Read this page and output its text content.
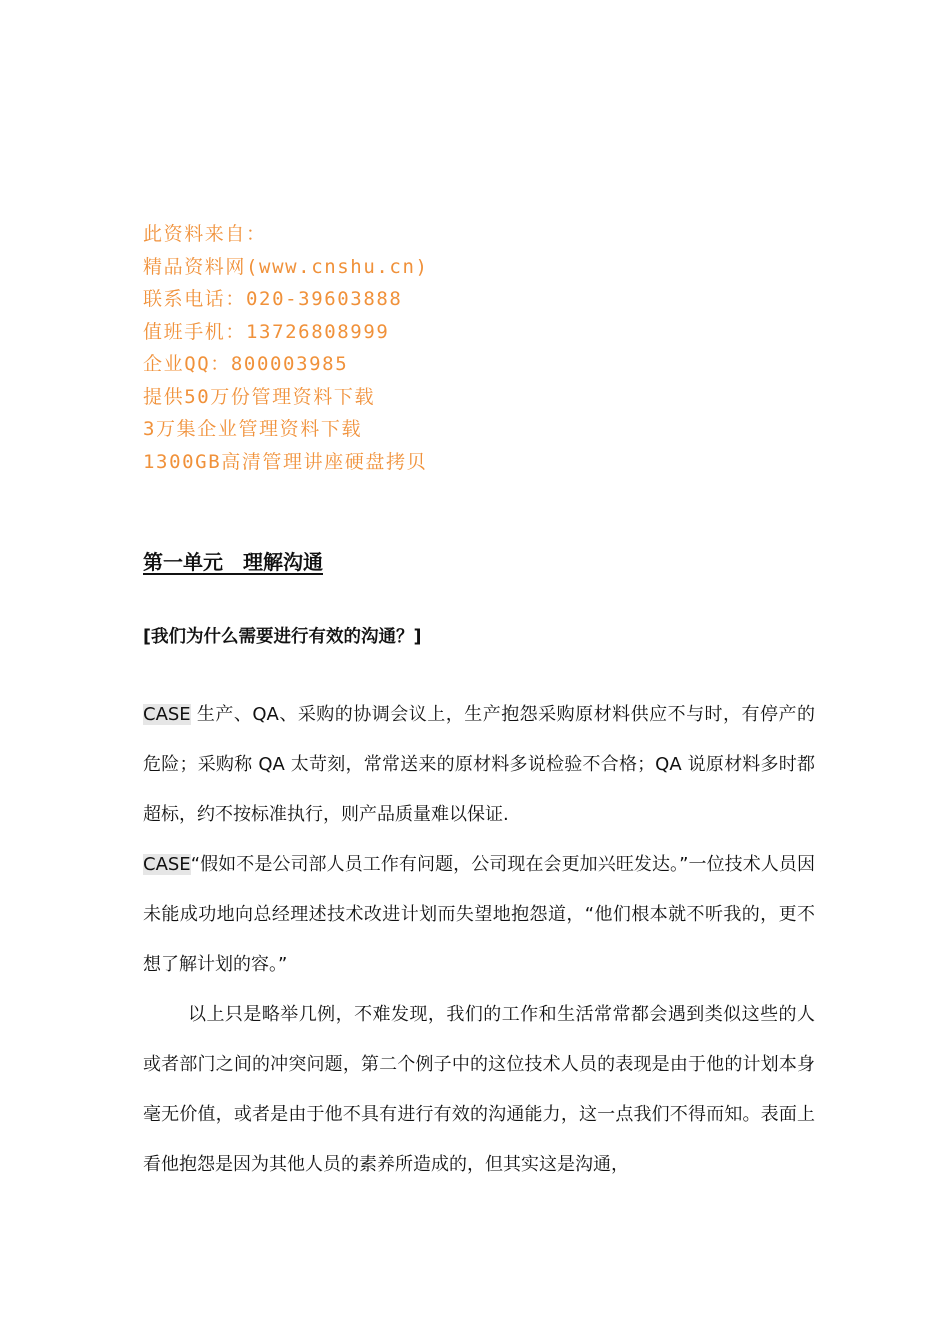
此资料来自：
精品资料网(www.cnshu.cn)
联系电话：020-39603888
值班手机：13726808999
企业QQ：800003985
提供50万份管理资料下载
3万集企业管理资料下载
1300GB高清管理讲座硬盘拷贝
第一单元　理解沟通
[我们为什么需要进行有效的沟通？]

CASE 生产、QA、采购的协调会议上，生产抱怨采购原材料供应不与时，有停产的危险；采购称 QA 太苛刻，常常送来的原材料多说检验不合格；QA 说原材料多时都超标，约不按标准执行，则产品质量难以保证.

CASE“假如不是公司部人员工作有问题，公司现在会更加兴旺发达。”一位技术人员因未能成功地向总经理述技术改进计划而失望地抱怨道，“他们根本就不听我的，更不想了解计划的容。”

以上只是略举几例，不难发现，我们的工作和生活常常都会遇到类似这些的人或者部门之间的冲突问题，第二个例子中的这位技术人员的表现是由于他的计划本身毫无价值，或者是由于他不具有进行有效的沟通能力，这一点我们不得而知。表面上看他抱怨是因为其他人员的素养所造成的，但其实这是沟通，
